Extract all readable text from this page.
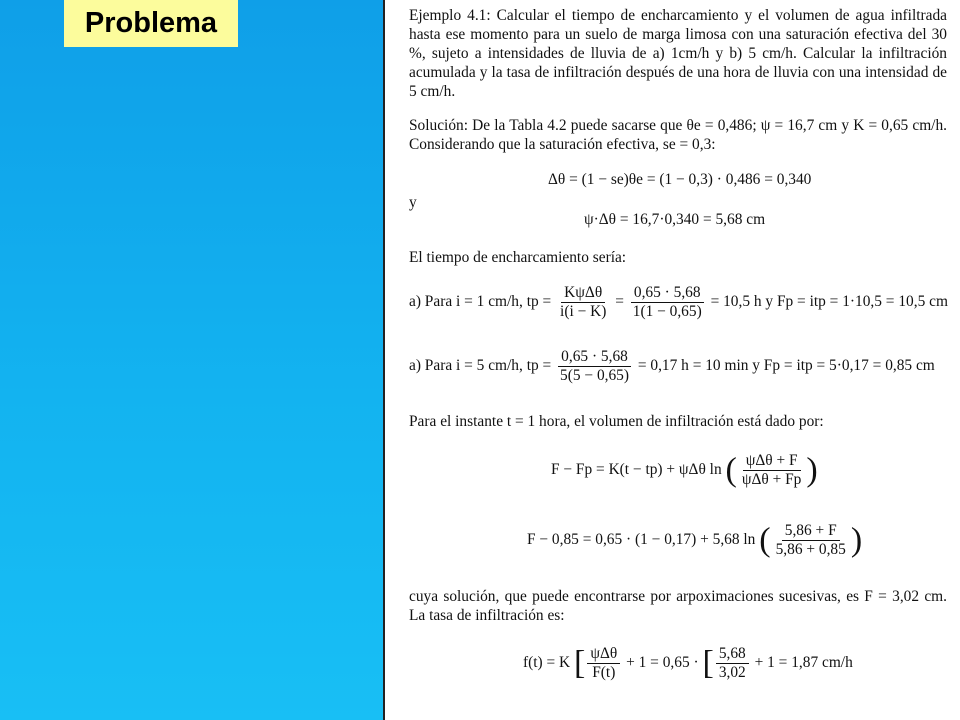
Problema	Ejemplo 4.1: Calcular el tiempo de encharcamiento y el volumen de agua infiltrada hasta ese momento para un suelo de marga limosa con una saturación efectiva del 30 %, sujeto a intensidades de lluvia de a) 1cm/h y b) 5 cm/h. Calcular la infiltración acumulada y la tasa de infiltración después de una hora de lluvia con una intensidad de 5 cm/h.

Solución: De la Tabla 4.2 puede sacarse que θe = 0,486; ψ = 16,7 cm y K = 0,65 cm/h. Considerando que la saturación efectiva, se = 0,3:

Δθ = (1 − se)θe = (1 − 0,3) · 0,486 = 0,340
y
ψ·Δθ = 16,7·0,340 = 5,68 cm

El tiempo de encharcamiento sería:

a) Para i = 1 cm/h, tp = $\frac{\text{KψΔθ}}{i(i - K)} = \frac{0,65 \cdot 5,68}{1(1 - 0,65)} = 10,5$ h y Fp = itp = 1·10,5 = 10,5 cm
a) Para i = 5 cm/h, tp = $\frac{0,65 \cdot 5,68}{5(5 - 0,65)} = 0,17$ h = 10 min y Fp = itp = 5·0,17 = 0,85 cm

Para el instante t = 1 hora, el volumen de infiltración está dado por:

F − Fp = K(t − tp) + ψΔθ ln ( $\frac{\text{ψΔθ + F}}{\text{ψΔθ + Fp}}$ )
F − 0,85 = 0,65 · (1 − 0,17) + 5,68 ln ( $\frac{5,86 + F}{5,86 + 0,85}$ )

cuya solución, que puede encontrarse por arpoximaciones sucesivas, es F = 3,02 cm. La tasa de infiltración es:

f(t) = K [ $\frac{\text{ψΔθ}}{F(t)} + 1 = 0,65$ · [ $\frac{5,68}{3,02} + 1 = 1,87$ cm/h
